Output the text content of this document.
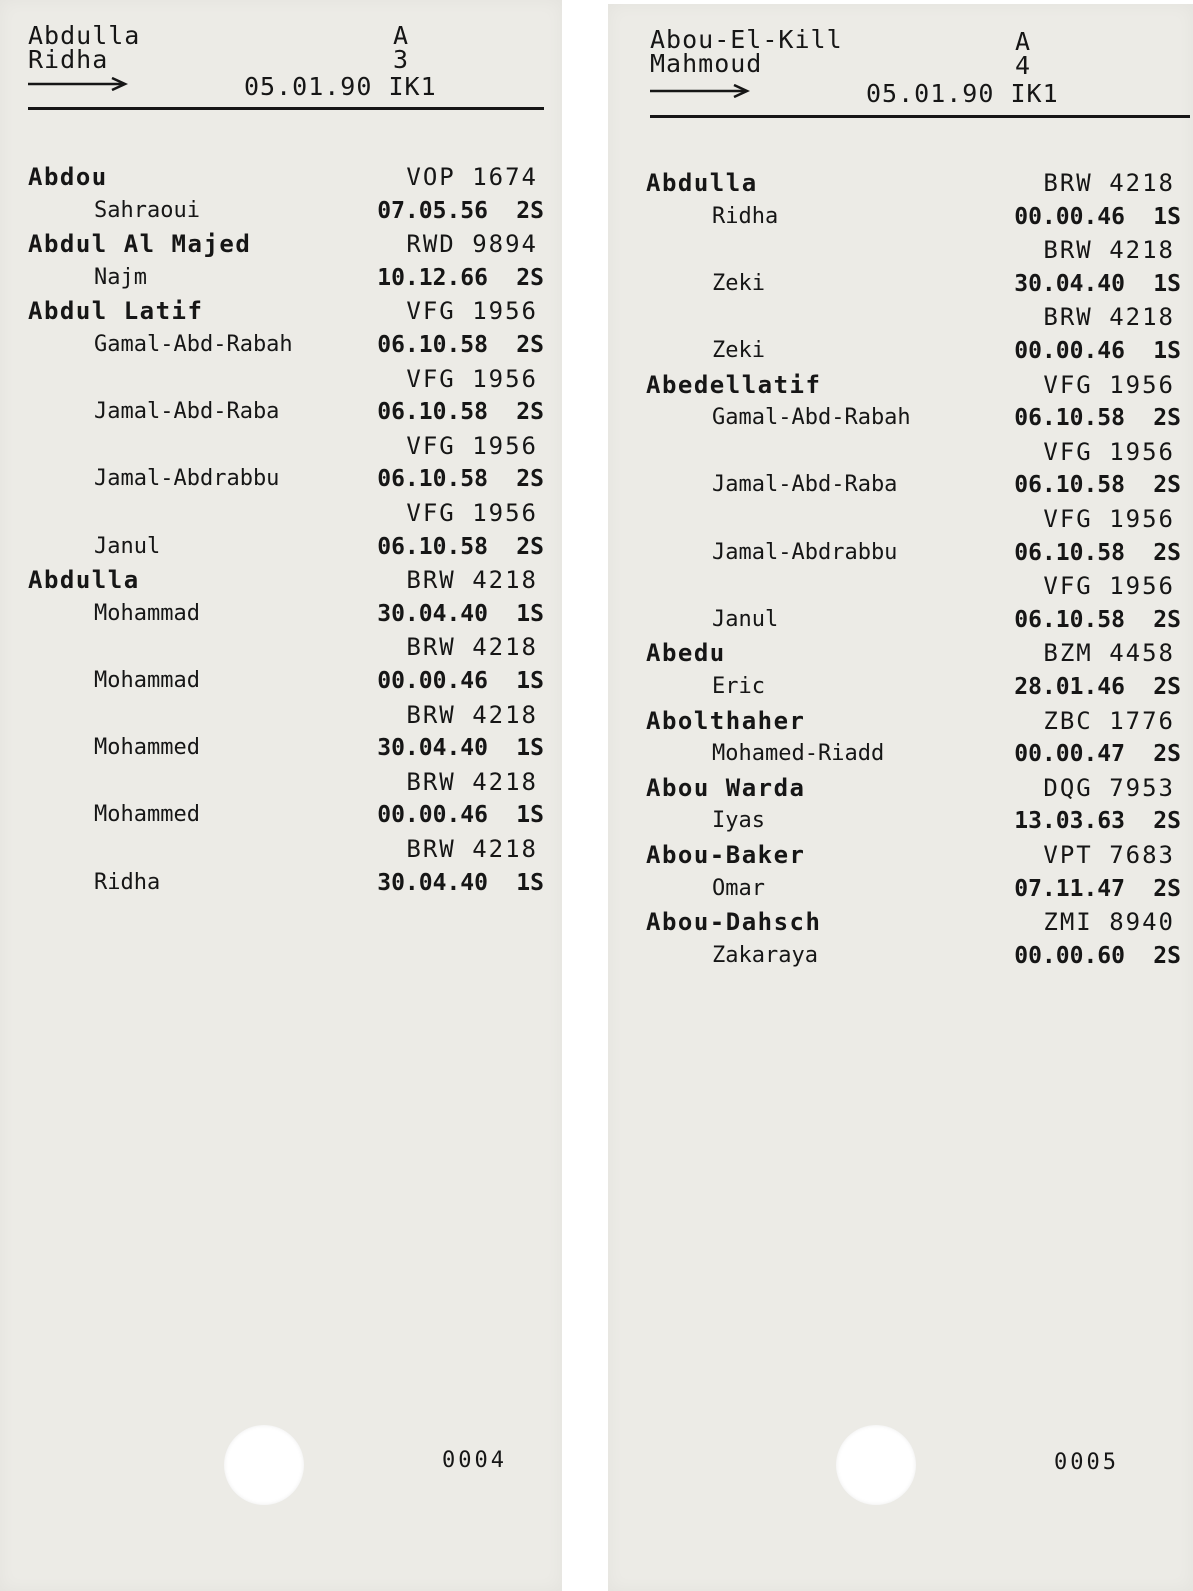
Abdulla
Ridha
A
3
05.01.90 IK1
Abdou	VOP 1674
Sahraoui	07.05.56 2S
Abdul Al Majed	RWD 9894
Najm	10.12.66 2S
Abdul Latif	VFG 1956
Gamal-Abd-Rabah	06.10.58 2S
VFG 1956
Jamal-Abd-Raba	06.10.58 2S
VFG 1956
Jamal-Abdrabbu	06.10.58 2S
VFG 1956
Janul	06.10.58 2S
Abdulla	BRW 4218
Mohammad	30.04.40 1S
BRW 4218
Mohammad	00.00.46 1S
BRW 4218
Mohammed	30.04.40 1S
BRW 4218
Mohammed	00.00.46 1S
BRW 4218
Ridha	30.04.40 1S
0004
Abou-El-Kill
Mahmoud
A
4
05.01.90 IK1
Abdulla	BRW 4218
Ridha	00.00.46 1S
BRW 4218
Zeki	30.04.40 1S
BRW 4218
Zeki	00.00.46 1S
Abedellatif	VFG 1956
Gamal-Abd-Rabah	06.10.58 2S
VFG 1956
Jamal-Abd-Raba	06.10.58 2S
VFG 1956
Jamal-Abdrabbu	06.10.58 2S
VFG 1956
Janul	06.10.58 2S
Abedu	BZM 4458
Eric	28.01.46 2S
Abolthaher	ZBC 1776
Mohamed-Riadd	00.00.47 2S
Abou Warda	DQG 7953
Iyas	13.03.63 2S
Abou-Baker	VPT 7683
Omar	07.11.47 2S
Abou-Dahsch	ZMI 8940
Zakaraya	00.00.60 2S
0005
